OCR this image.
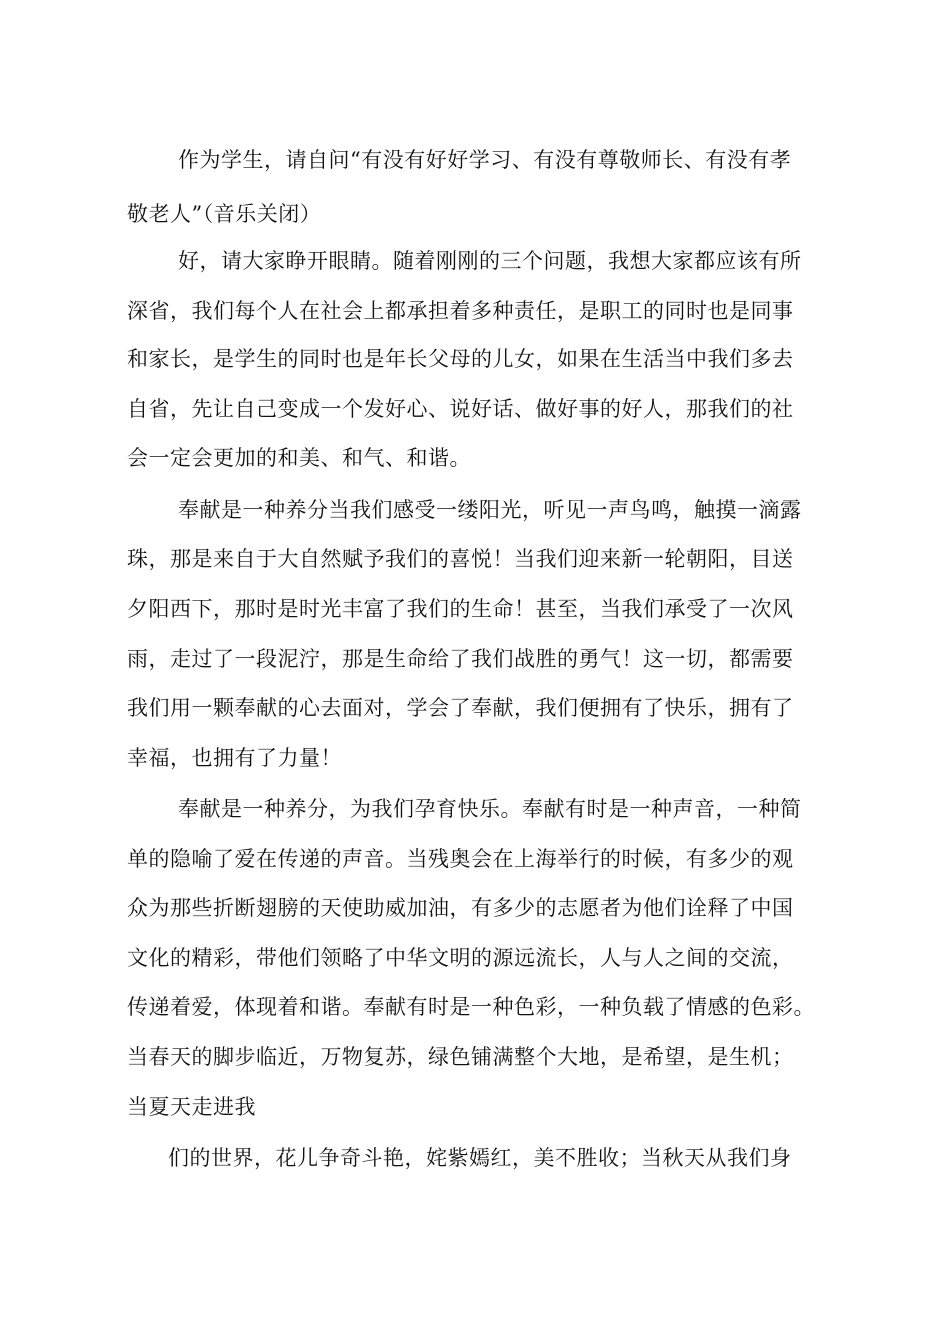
作为学生，请自问“有没有好好学习、有没有尊敬师长、有没有孝
敬老人”（音乐关闭）
好，请大家睁开眼睛。随着刚刚的三个问题，我想大家都应该有所
深省，我们每个人在社会上都承担着多种责任，是职工的同时也是同事
和家长，是学生的同时也是年长父母的儿女，如果在生活当中我们多去
自省，先让自己变成一个发好心、说好话、做好事的好人，那我们的社
会一定会更加的和美、和气、和谐。
奉献是一种养分当我们感受一缕阳光，听见一声鸟鸣，触摸一滴露
珠，那是来自于大自然赋予我们的喜悦！当我们迎来新一轮朝阳，目送
夕阳西下，那时是时光丰富了我们的生命！甚至，当我们承受了一次风
雨，走过了一段泥泞，那是生命给了我们战胜的勇气！这一切，都需要
我们用一颗奉献的心去面对，学会了奉献，我们便拥有了快乐，拥有了
幸福，也拥有了力量！
奉献是一种养分，为我们孕育快乐。奉献有时是一种声音，一种简
单的隐喻了爱在传递的声音。当残奥会在上海举行的时候，有多少的观
众为那些折断翅膀的天使助威加油，有多少的志愿者为他们诠释了中国
文化的精彩，带他们领略了中华文明的源远流长，人与人之间的交流，
传递着爱，体现着和谐。奉献有时是一种色彩，一种负载了情感的色彩。
当春天的脚步临近，万物复苏，绿色铺满整个大地，是希望，是生机；
当夏天走进我
们的世界，花儿争奇斗艳，姹紫嫣红，美不胜收；当秋天从我们身
